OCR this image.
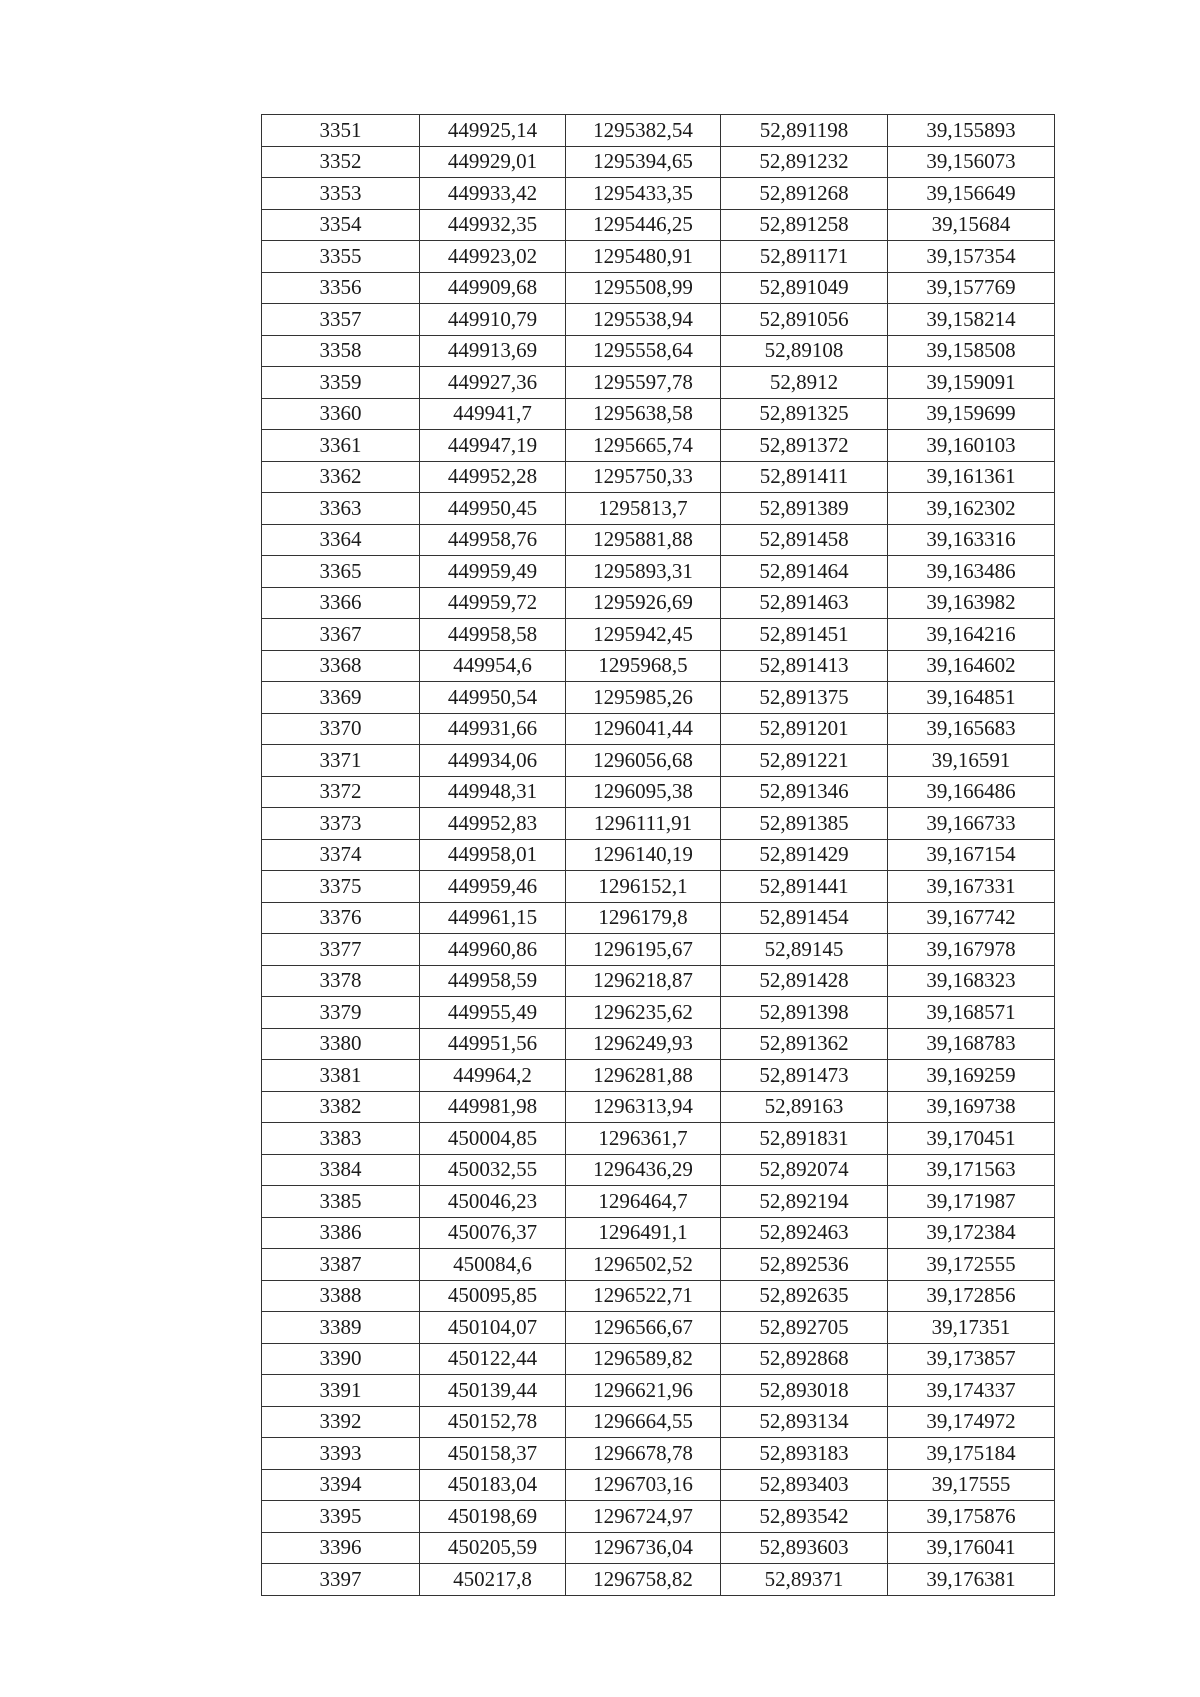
3351	449925,14	1295382,54	52,891198	39,155893
3352	449929,01	1295394,65	52,891232	39,156073
3353	449933,42	1295433,35	52,891268	39,156649
3354	449932,35	1295446,25	52,891258	39,15684
3355	449923,02	1295480,91	52,891171	39,157354
3356	449909,68	1295508,99	52,891049	39,157769
3357	449910,79	1295538,94	52,891056	39,158214
3358	449913,69	1295558,64	52,89108	39,158508
3359	449927,36	1295597,78	52,8912	39,159091
3360	449941,7	1295638,58	52,891325	39,159699
3361	449947,19	1295665,74	52,891372	39,160103
3362	449952,28	1295750,33	52,891411	39,161361
3363	449950,45	1295813,7	52,891389	39,162302
3364	449958,76	1295881,88	52,891458	39,163316
3365	449959,49	1295893,31	52,891464	39,163486
3366	449959,72	1295926,69	52,891463	39,163982
3367	449958,58	1295942,45	52,891451	39,164216
3368	449954,6	1295968,5	52,891413	39,164602
3369	449950,54	1295985,26	52,891375	39,164851
3370	449931,66	1296041,44	52,891201	39,165683
3371	449934,06	1296056,68	52,891221	39,16591
3372	449948,31	1296095,38	52,891346	39,166486
3373	449952,83	1296111,91	52,891385	39,166733
3374	449958,01	1296140,19	52,891429	39,167154
3375	449959,46	1296152,1	52,891441	39,167331
3376	449961,15	1296179,8	52,891454	39,167742
3377	449960,86	1296195,67	52,89145	39,167978
3378	449958,59	1296218,87	52,891428	39,168323
3379	449955,49	1296235,62	52,891398	39,168571
3380	449951,56	1296249,93	52,891362	39,168783
3381	449964,2	1296281,88	52,891473	39,169259
3382	449981,98	1296313,94	52,89163	39,169738
3383	450004,85	1296361,7	52,891831	39,170451
3384	450032,55	1296436,29	52,892074	39,171563
3385	450046,23	1296464,7	52,892194	39,171987
3386	450076,37	1296491,1	52,892463	39,172384
3387	450084,6	1296502,52	52,892536	39,172555
3388	450095,85	1296522,71	52,892635	39,172856
3389	450104,07	1296566,67	52,892705	39,17351
3390	450122,44	1296589,82	52,892868	39,173857
3391	450139,44	1296621,96	52,893018	39,174337
3392	450152,78	1296664,55	52,893134	39,174972
3393	450158,37	1296678,78	52,893183	39,175184
3394	450183,04	1296703,16	52,893403	39,17555
3395	450198,69	1296724,97	52,893542	39,175876
3396	450205,59	1296736,04	52,893603	39,176041
3397	450217,8	1296758,82	52,89371	39,176381
